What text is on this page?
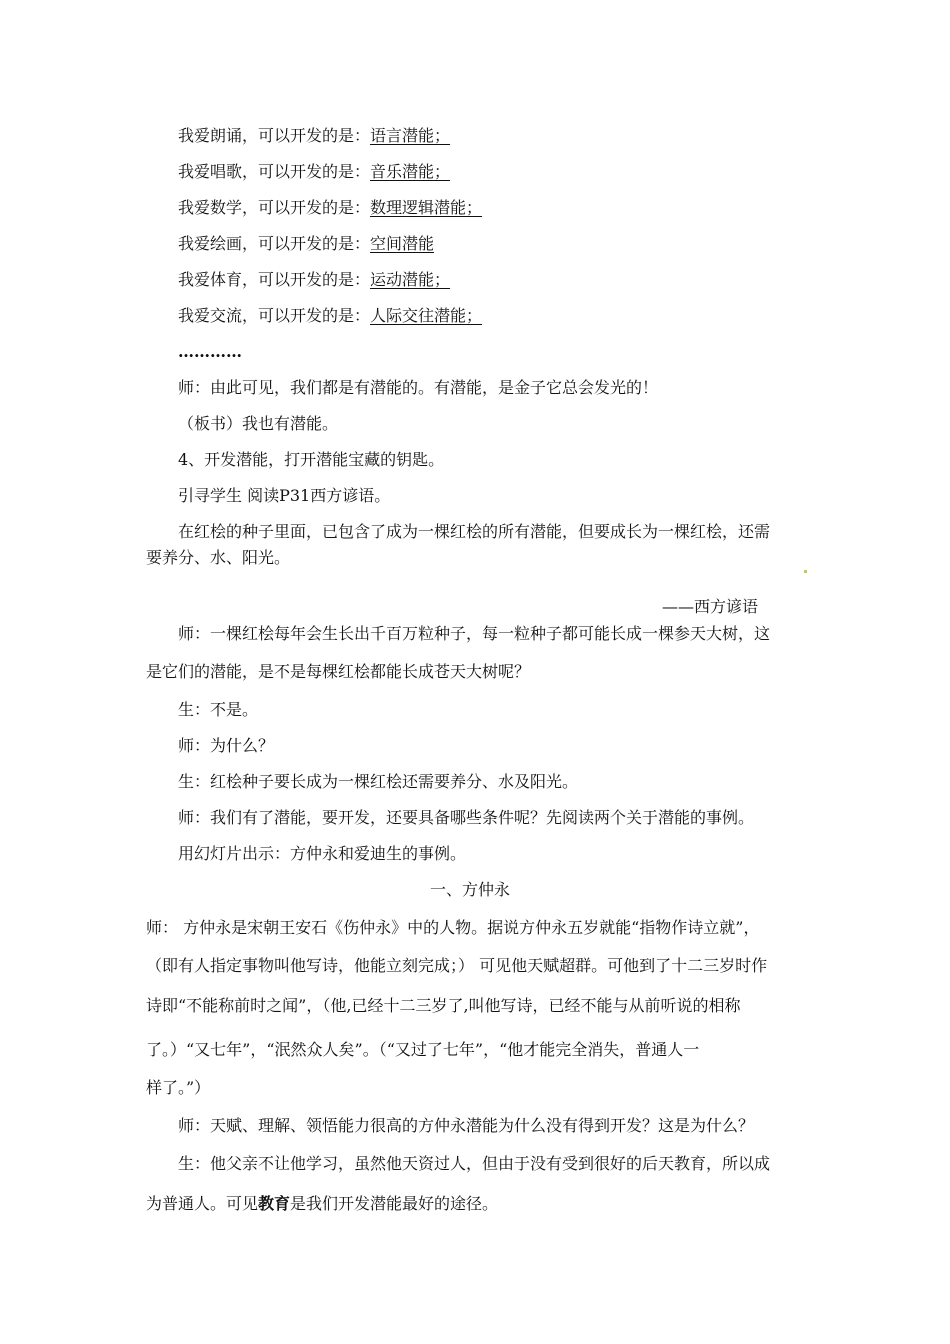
我爱朗诵，可以开发的是：语言潜能；
我爱唱歌，可以开发的是：音乐潜能；
我爱数学，可以开发的是：数理逻辑潜能；
我爱绘画，可以开发的是：空间潜能
我爱体育，可以开发的是：运动潜能；
我爱交流，可以开发的是：人际交往潜能；
…………
师：由此可见，我们都是有潜能的。有潜能，是金子它总会发光的！
（板书）我也有潜能。
4、开发潜能，打开潜能宝藏的钥匙。
引寻学生 阅读P31西方谚语。
在红桧的种子里面，已包含了成为一棵红桧的所有潜能，但要成长为一棵红桧，还需
要养分、水、阳光。
——西方谚语
师：一棵红桧每年会生长出千百万粒种子，每一粒种子都可能长成一棵参天大树，这
是它们的潜能，是不是每棵红桧都能长成苍天大树呢？
生：不是。
师：为什么？
生：红桧种子要长成为一棵红桧还需要养分、水及阳光。
师：我们有了潜能，要开发，还要具备哪些条件呢？先阅读两个关于潜能的事例。
用幻灯片出示：方仲永和爱迪生的事例。
一、方仲永
师： 方仲永是宋朝王安石《伤仲永》中的人物。据说方仲永五岁就能“指物作诗立就”，
（即有人指定事物叫他写诗，他能立刻完成；） 可见他天赋超群。可他到了十二三岁时作
诗即“不能称前时之闻”，（他,已经十二三岁了,叫他写诗，已经不能与从前听说的相称
了。）“又七年”，“泯然众人矣”。（“又过了七年”，“他才能完全消失，普通人一
样了。”）
师：天赋、理解、领悟能力很高的方仲永潜能为什么没有得到开发？这是为什么？
生：他父亲不让他学习，虽然他天资过人，但由于没有受到很好的后天教育，所以成
为普通人。可见教育是我们开发潜能最好的途径。
